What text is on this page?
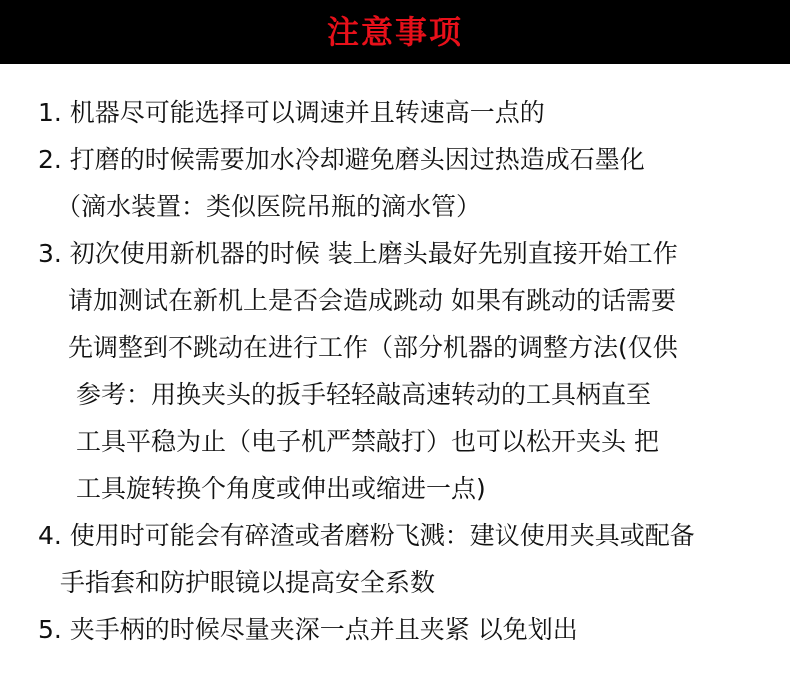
注意事项
1. 机器尽可能选择可以调速并且转速高一点的
2. 打磨的时候需要加水冷却避免磨头因过热造成石墨化
（滴水装置：类似医院吊瓶的滴水管）
3. 初次使用新机器的时候 装上磨头最好先别直接开始工作
请加测试在新机上是否会造成跳动 如果有跳动的话需要
先调整到不跳动在进行工作（部分机器的调整方法(仅供
参考：用换夹头的扳手轻轻敲高速转动的工具柄直至
工具平稳为止（电子机严禁敲打）也可以松开夹头 把
工具旋转换个角度或伸出或缩进一点)
4. 使用时可能会有碎渣或者磨粉飞溅：建议使用夹具或配备
手指套和防护眼镜以提高安全系数
5. 夹手柄的时候尽量夹深一点并且夹紧 以免划出
